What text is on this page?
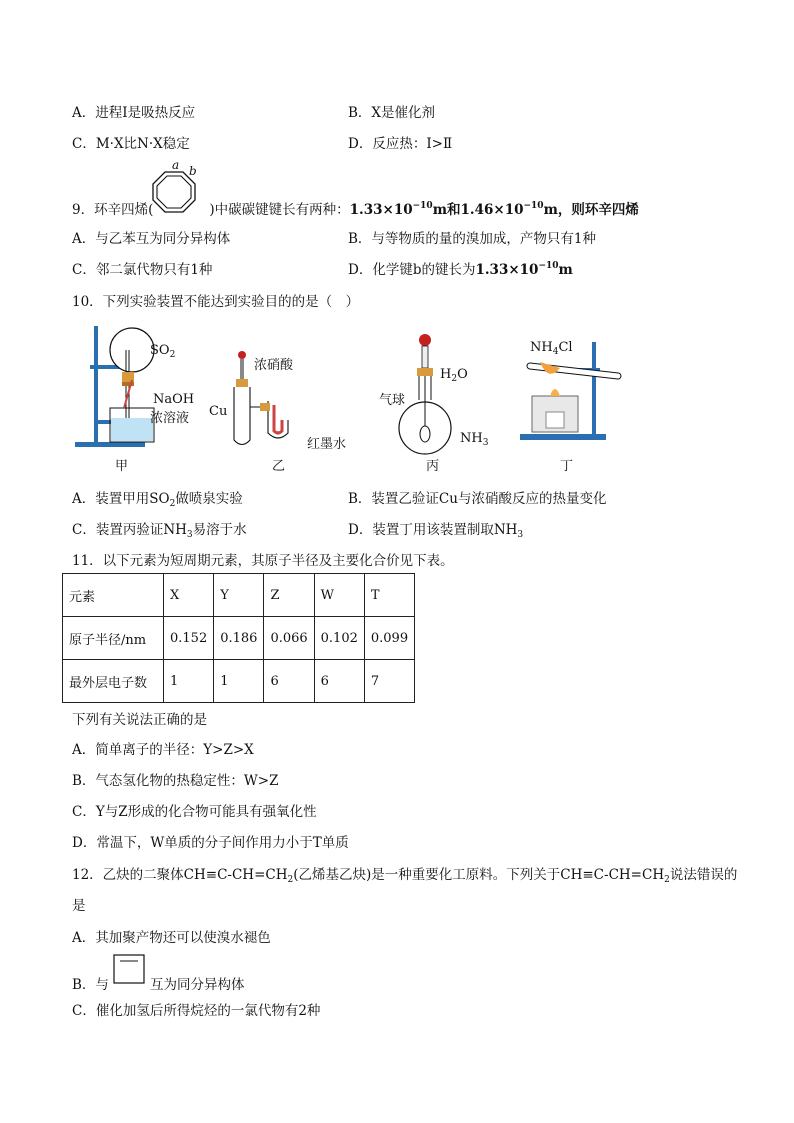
A．进程Ⅰ是吸热反应	B．X是催化剂
C．M·X比N·X稳定	D．反应热：Ⅰ>Ⅱ
9．环辛四烯(	)中碳碳键键长有两种：$1.33\times 10^{-10}m$和$1.46\times 10^{-10}m$，则环辛四烯
a b
A．与乙苯互为同分异构体	B．与等物质的量的溴加成，产物只有1种
C．邻二氯代物只有1种	D．化学键b的键长为$1.33\times 10^{-10}m$
10．下列实验装置不能达到实验目的的是（　）
$SO_2$
NaOH
浓溶液
甲
浓硝酸
Cu
红墨水
乙
$H_2O$
气球
$NH_3$
丙
$NH_4Cl$
丁
A．装置甲用$SO_2$做喷泉实验	B．装置乙验证Cu与浓硝酸反应的热量变化
C．装置丙验证$NH_3$易溶于水	D．装置丁用该装置制取$NH_3$
11．以下元素为短周期元素，其原子半径及主要化合价见下表。
元素	X	Y	Z	W	T
原子半径/nm	0.152	0.186	0.066	0.102	0.099
最外层电子数	1	1	6	6	7
下列有关说法正确的是
A．简单离子的半径：Y>Z>X
B．气态氢化物的热稳定性：W>Z
C．Y与Z形成的化合物可能具有强氧化性
D．常温下，W单质的分子间作用力小于T单质
12．乙炔的二聚体$CH\equiv C-CH=CH_2$(乙烯基乙炔)是一种重要化工原料。下列关于$CH\equiv C-CH=CH_2$说法错误的
是
A．其加聚产物还可以使溴水褪色
B．与	互为同分异构体
C．催化加氢后所得烷烃的一氯代物有2种
